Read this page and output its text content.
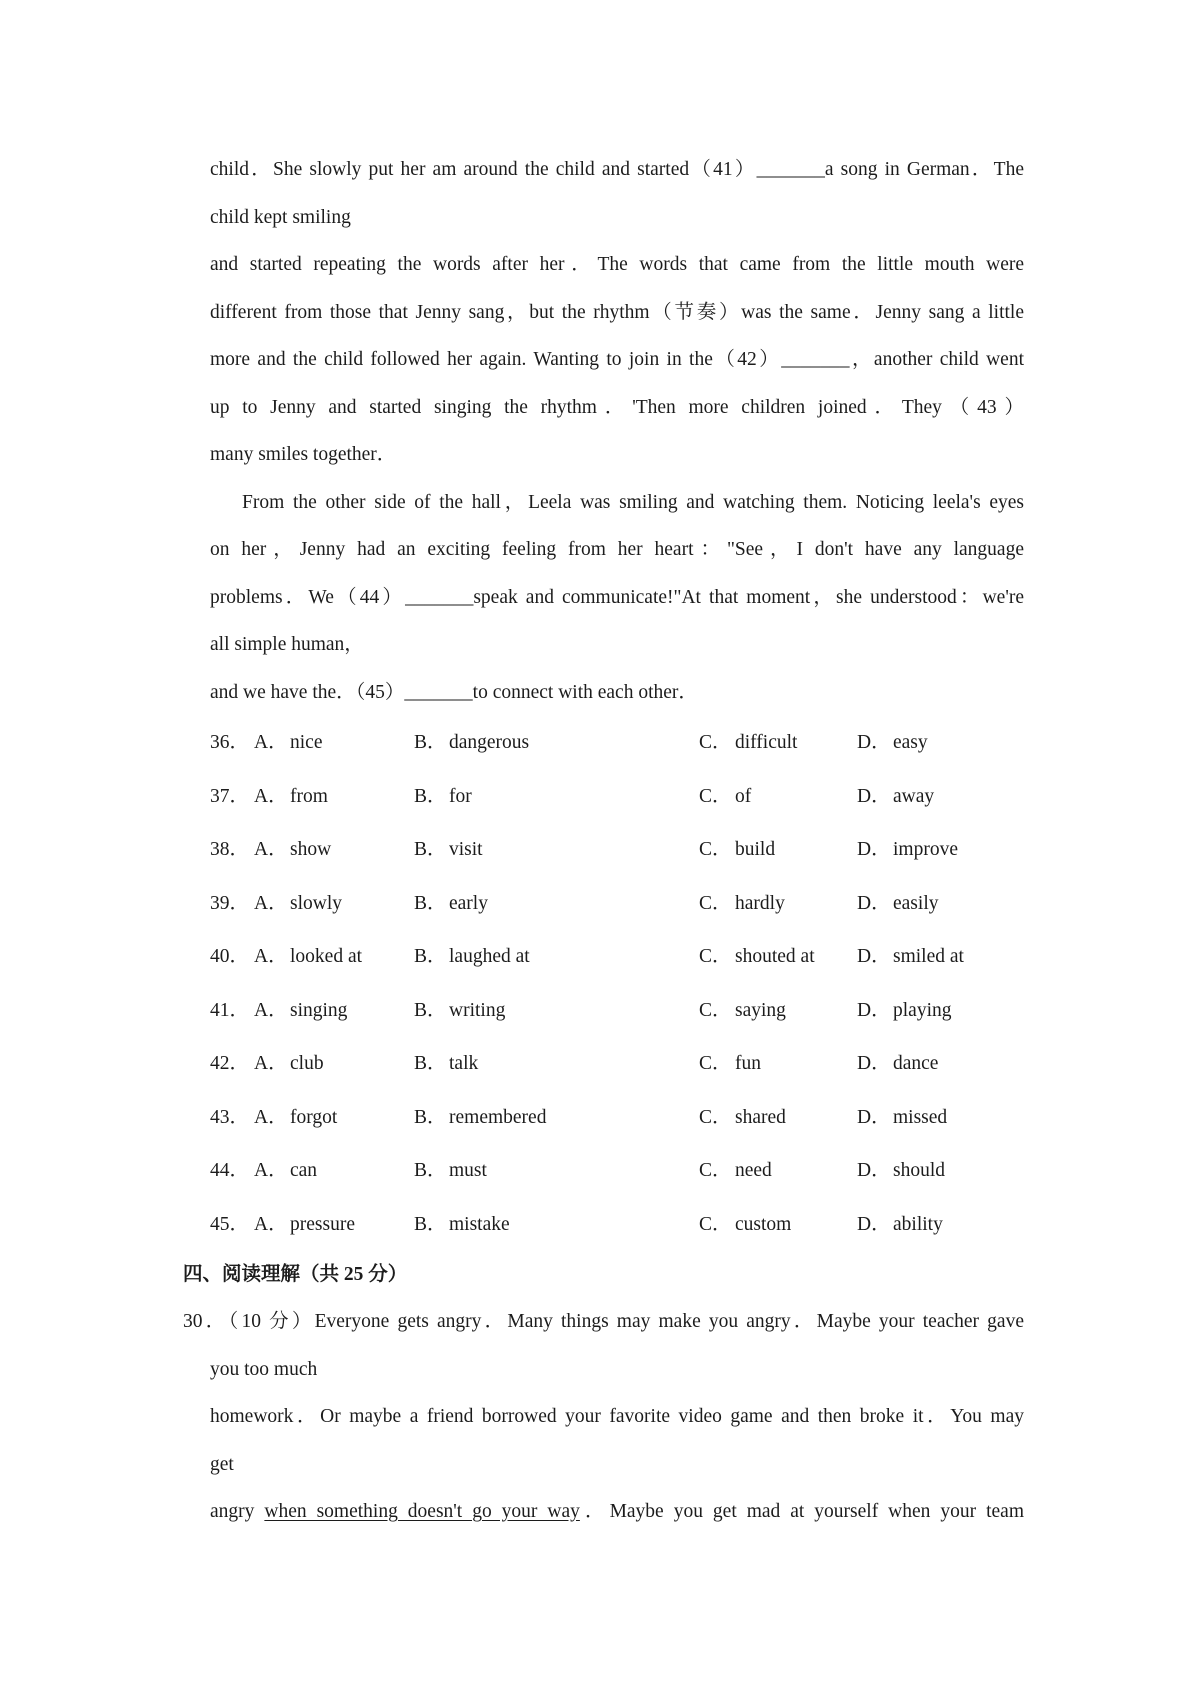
child．She slowly put her am around the child and started（41）_______a song in German．The
child kept smiling
and started repeating the words after her．The words that came from the little mouth were
different from those that Jenny sang，but the rhythm（节奏）was the same．Jenny sang a little
more and the child followed her again. Wanting to join in the（42）_______，another child went
up to Jenny and started singing the rhythm．'Then more children joined．They（43）
many smiles together．
From the other side of the hall，Leela was smiling and watching them. Noticing leela's eyes
on her，Jenny had an exciting feeling from her heart："See，I don't have any language
problems．We（44）_______speak and communicate!"At that moment，she understood：we're
all simple human，
and we have the．（45）_______to connect with each other．
36． A． nice	B． dangerous	C． difficult	D． easy
37． A． from	B． for	C． of	D． away
38． A． show	B． visit	C． build	D． improve
39． A． slowly	B． early	C． hardly	D． easily
40． A． looked at	B． laughed at	C． shouted at D． smiled at
41． A． singing	B． writing	C． saying	D． playing
42． A． club	B． talk	C． fun	D． dance
43． A． forgot	B． remembered	C． shared	D． missed
44． A． can	B． must	C． need	D． should
45． A． pressure	B． mistake	C． custom	D． ability
四、阅读理解（共 25 分）
30．（10 分）Everyone gets angry．Many things may make you angry．Maybe your teacher gave
you too much
homework．Or maybe a friend borrowed your favorite video game and then broke it．You may
get
angry when something doesn't go your way．Maybe you get mad at yourself when your team
